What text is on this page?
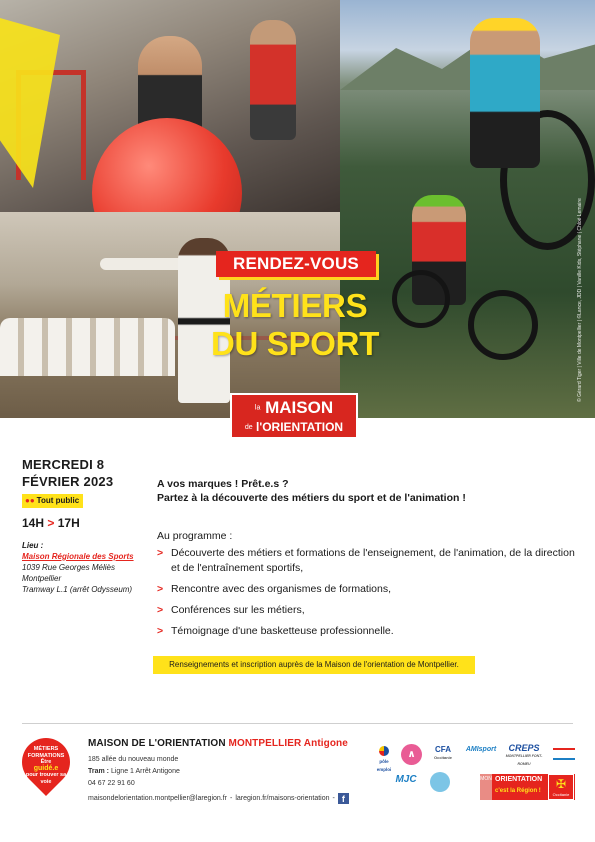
© Gérard Tiger | Ville de Montpellier | ©Lance, JDD | Vanille Kids, Stéphane | Chloé Lemaire
RENDEZ-VOUS
MÉTIERS
DU SPORT
la MAISON
de l'ORIENTATION
MERCREDI 8
FÉVRIER 2023
●● Tout public
14H > 17H
Lieu :
Maison Régionale des Sports
1039 Rue Georges Méliès
Montpellier
Tramway L.1 (arrêt Odysseum)
A vos marques ! Prêt.e.s ?
Partez à la découverte des métiers du sport et de l'animation !
Au programme :
> Découverte des métiers et formations de l'enseignement, de l'animation, de la direction et de l'entraînement sportifs,
> Rencontre avec des organismes de formations,
> Conférences sur les métiers,
> Témoignage d'une basketteuse professionnelle.
Renseignements et inscription auprès de la Maison de l'orientation de Montpellier.
MÉTIERS
FORMATIONS
Être
guidé.e
pour trouver sa voie
MAISON DE L'ORIENTATION MONTPELLIER Antigone
185 allée du nouveau monde
Tram : Ligne 1 Arrêt Antigone
04 67 22 91 60
maisondelorientation.montpellier@laregion.fr - laregion.fr/maisons-orientation - f
pôle emploi
∧	CFA
Occitanie
AMIsport	CREPS
MONTPELLIER FONT-ROMEU
MJC	MON ORIENTATION
c'est la Région !	✠
Occitanie
